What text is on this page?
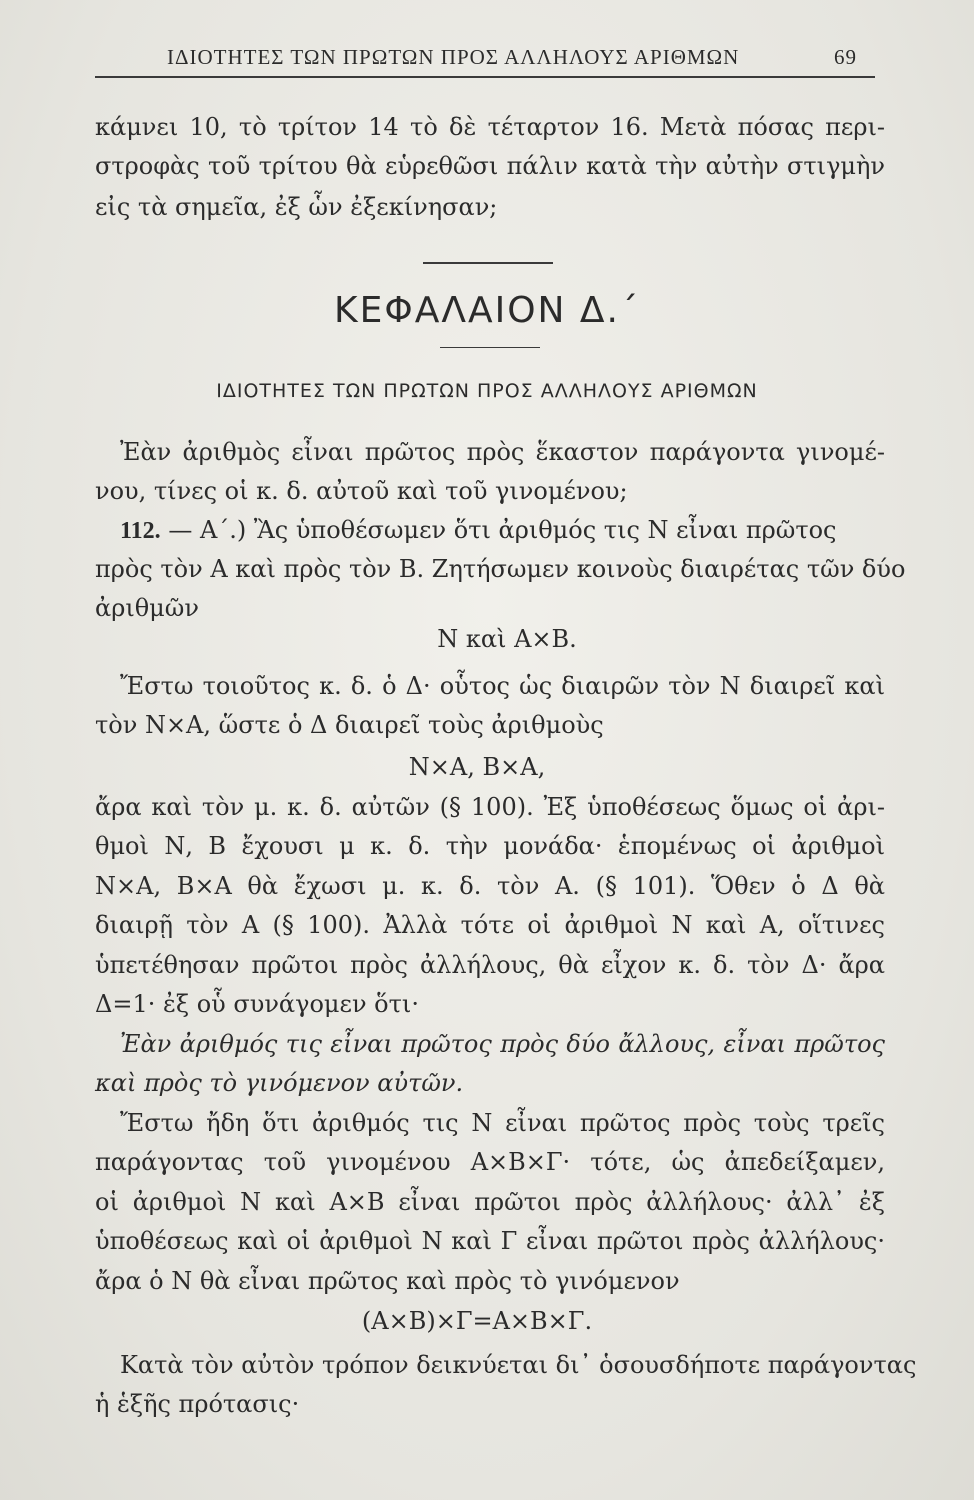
ΙΔΙΟΤΗΤΕΣ ΤΩΝ ΠΡΩΤΩΝ ΠΡΟΣ ΑΛΛΗΛΟΥΣ ΑΡΙΘΜΩΝ	69
κάμνει 10, τὸ τρίτον 14 τὸ δὲ τέταρτον 16. Μετὰ πόσας περι-
στροφὰς τοῦ τρίτου θὰ εὑρεθῶσι πάλιν κατὰ τὴν αὐτὴν στιγμὴν
εἰς τὰ σημεῖα, ἐξ ὧν ἐξεκίνησαν;
ΚΕΦΑΛΑΙΟΝ Δ.΄
ΙΔΙΟΤΗΤΕΣ ΤΩΝ ΠΡΩΤΩΝ ΠΡΟΣ ΑΛΛΗΛΟΥΣ ΑΡΙΘΜΩΝ
Ἐὰν ἀριθμὸς εἶναι πρῶτος πρὸς ἕκαστον παράγοντα γινομέ-
νου, τίνες οἱ κ. δ. αὐτοῦ καὶ τοῦ γινομένου;
112. — Α΄.) Ἂς ὑποθέσωμεν ὅτι ἀριθμός τις Ν εἶναι πρῶτος
πρὸς τὸν Α καὶ πρὸς τὸν Β. Ζητήσωμεν κοινοὺς διαιρέτας τῶν δύο
ἀριθμῶν
Ν καὶ Α×Β.
Ἔστω τοιοῦτος κ. δ. ὁ Δ· οὗτος ὡς διαιρῶν τὸν Ν διαιρεῖ καὶ
τὸν Ν×Α, ὥστε ὁ Δ διαιρεῖ τοὺς ἀριθμοὺς
Ν×Α, Β×Α,
ἄρα καὶ τὸν μ. κ. δ. αὐτῶν (§ 100). Ἐξ ὑποθέσεως ὅμως οἱ ἀρι-
θμοὶ Ν, Β ἔχουσι μ κ. δ. τὴν μονάδα· ἑπομένως οἱ ἀριθμοὶ
Ν×Α, Β×Α θὰ ἔχωσι μ. κ. δ. τὸν Α. (§ 101). Ὅθεν ὁ Δ θὰ
διαιρῇ τὸν Α (§ 100). Ἀλλὰ τότε οἱ ἀριθμοὶ Ν καὶ Α, οἵτινες
ὑπετέθησαν πρῶτοι πρὸς ἀλλήλους, θὰ εἶχον κ. δ. τὸν Δ· ἄρα
Δ=1· ἐξ οὗ συνάγομεν ὅτι·
Ἐὰν ἀριθμός τις εἶναι πρῶτος πρὸς δύο ἄλλους, εἶναι πρῶτος
καὶ πρὸς τὸ γινόμενον αὐτῶν.
Ἔστω ἤδη ὅτι ἀριθμός τις Ν εἶναι πρῶτος πρὸς τοὺς τρεῖς
παράγοντας τοῦ γινομένου Α×Β×Γ· τότε, ὡς ἀπεδείξαμεν,
οἱ ἀριθμοὶ Ν καὶ Α×Β εἶναι πρῶτοι πρὸς ἀλλήλους· ἀλλ᾿ ἐξ
ὑποθέσεως καὶ οἱ ἀριθμοὶ Ν καὶ Γ εἶναι πρῶτοι πρὸς ἀλλήλους·
ἄρα ὁ Ν θὰ εἶναι πρῶτος καὶ πρὸς τὸ γινόμενον
(Α×Β)×Γ=Α×Β×Γ.
Κατὰ τὸν αὐτὸν τρόπον δεικνύεται δι᾿ ὁσουσδήποτε παράγοντας
ἡ ἑξῆς πρότασις·
